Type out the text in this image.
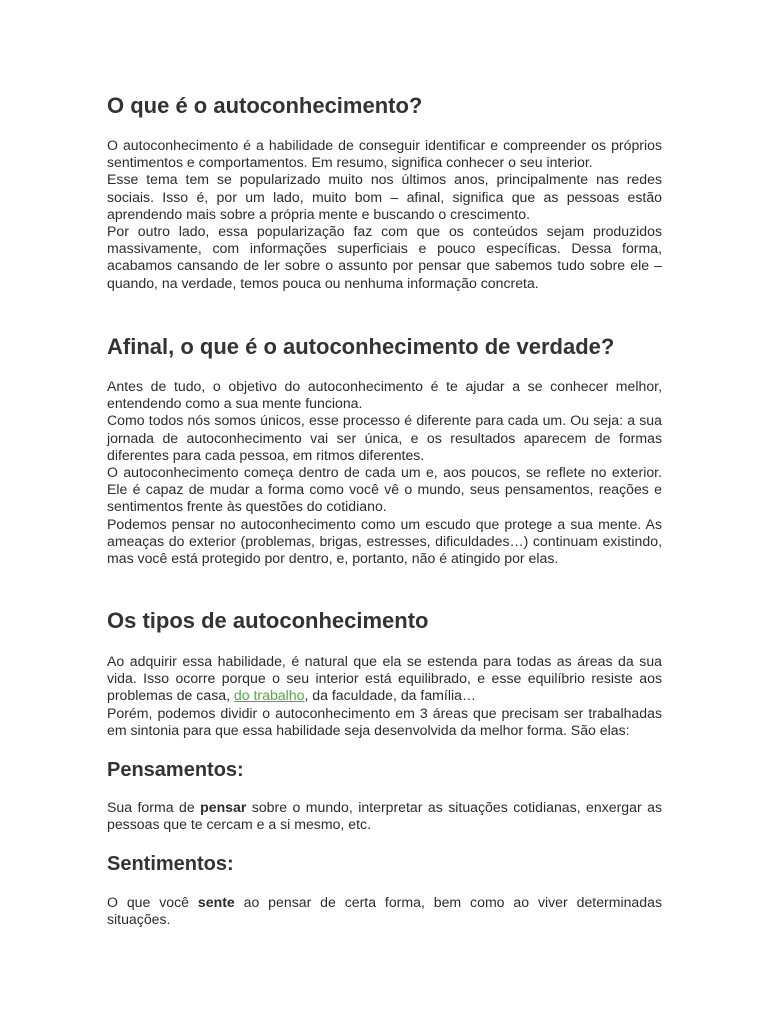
O que é o autoconhecimento?

O autoconhecimento é a habilidade de conseguir identificar e compreender os próprios sentimentos e comportamentos. Em resumo, significa conhecer o seu interior.

Esse tema tem se popularizado muito nos últimos anos, principalmente nas redes sociais. Isso é, por um lado, muito bom – afinal, significa que as pessoas estão aprendendo mais sobre a própria mente e buscando o crescimento.

Por outro lado, essa popularização faz com que os conteúdos sejam produzidos massivamente, com informações superficiais e pouco específicas. Dessa forma, acabamos cansando de ler sobre o assunto por pensar que sabemos tudo sobre ele – quando, na verdade, temos pouca ou nenhuma informação concreta.

Afinal, o que é o autoconhecimento de verdade?

Antes de tudo, o objetivo do autoconhecimento é te ajudar a se conhecer melhor, entendendo como a sua mente funciona.

Como todos nós somos únicos, esse processo é diferente para cada um. Ou seja: a sua jornada de autoconhecimento vai ser única, e os resultados aparecem de formas diferentes para cada pessoa, em ritmos diferentes.

O autoconhecimento começa dentro de cada um e, aos poucos, se reflete no exterior. Ele é capaz de mudar a forma como você vê o mundo, seus pensamentos, reações e sentimentos frente às questões do cotidiano.

Podemos pensar no autoconhecimento como um escudo que protege a sua mente. As ameaças do exterior (problemas, brigas, estresses, dificuldades…) continuam existindo, mas você está protegido por dentro, e, portanto, não é atingido por elas.

Os tipos de autoconhecimento

Ao adquirir essa habilidade, é natural que ela se estenda para todas as áreas da sua vida. Isso ocorre porque o seu interior está equilibrado, e esse equilíbrio resiste aos problemas de casa, do trabalho, da faculdade, da família…

Porém, podemos dividir o autoconhecimento em 3 áreas que precisam ser trabalhadas em sintonia para que essa habilidade seja desenvolvida da melhor forma. São elas:

Pensamentos:

Sua forma de pensar sobre o mundo, interpretar as situações cotidianas, enxergar as pessoas que te cercam e a si mesmo, etc.

Sentimentos:

O que você sente ao pensar de certa forma, bem como ao viver determinadas situações.
